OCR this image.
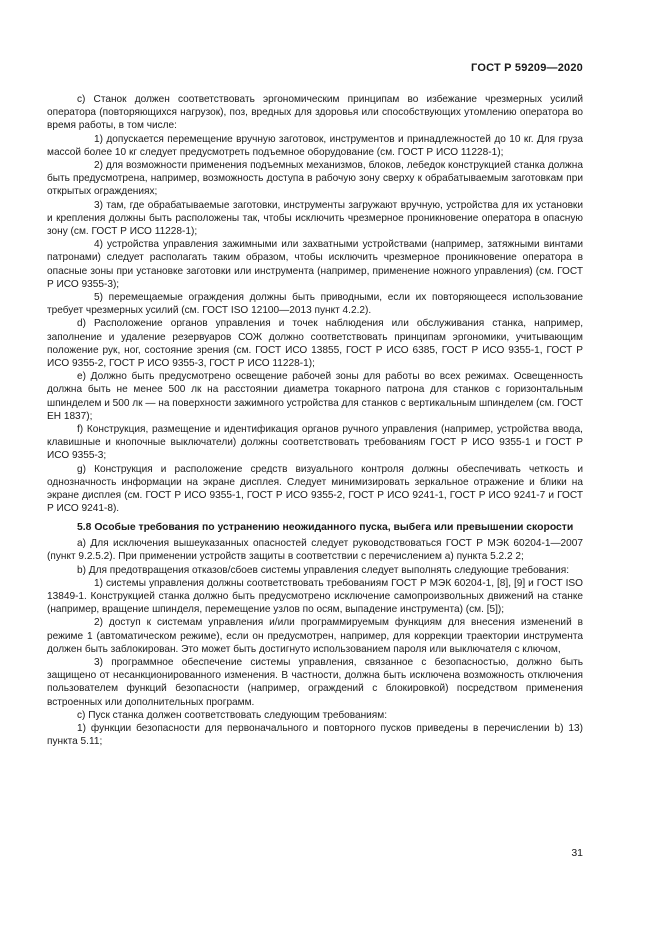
ГОСТ Р 59209—2020

c) Станок должен соответствовать эргономическим принципам во избежание чрезмерных усилий оператора (повторяющихся нагрузок), поз, вредных для здоровья или способствующих утомлению оператора во время работы, в том числе:

1) допускается перемещение вручную заготовок, инструментов и принадлежностей до 10 кг. Для груза массой более 10 кг следует предусмотреть подъемное оборудование (см. ГОСТ Р ИСО 11228-1);

2) для возможности применения подъемных механизмов, блоков, лебедок конструкцией станка должна быть предусмотрена, например, возможность доступа в рабочую зону сверху к обрабатываемым заготовкам при открытых ограждениях;

3) там, где обрабатываемые заготовки, инструменты загружают вручную, устройства для их установки и крепления должны быть расположены так, чтобы исключить чрезмерное проникновение оператора в опасную зону (см. ГОСТ Р ИСО 11228-1);

4) устройства управления зажимными или захватными устройствами (например, затяжными винтами патронами) следует располагать таким образом, чтобы исключить чрезмерное проникновение оператора в опасные зоны при установке заготовки или инструмента (например, применение ножного управления) (см. ГОСТ Р ИСО 9355-3);

5) перемещаемые ограждения должны быть приводными, если их повторяющееся использование требует чрезмерных усилий (см. ГОСТ ISO 12100—2013 пункт 4.2.2).

d) Расположение органов управления и точек наблюдения или обслуживания станка, например, заполнение и удаление резервуаров СОЖ должно соответствовать принципам эргономики, учитывающим положение рук, ног, состояние зрения (см. ГОСТ ИСО 13855, ГОСТ Р ИСО 6385, ГОСТ Р ИСО 9355-1, ГОСТ Р ИСО 9355-2, ГОСТ Р ИСО 9355-3, ГОСТ Р ИСО 11228-1);

e) Должно быть предусмотрено освещение рабочей зоны для работы во всех режимах. Освещенность должна быть не менее 500 лк на расстоянии диаметра токарного патрона для станков с горизонтальным шпинделем и 500 лк — на поверхности зажимного устройства для станков с вертикальным шпинделем (см. ГОСТ ЕН 1837);

f) Конструкция, размещение и идентификация органов ручного управления (например, устройства ввода, клавишные и кнопочные выключатели) должны соответствовать требованиям ГОСТ Р ИСО 9355-1 и ГОСТ Р ИСО 9355-3;

g) Конструкция и расположение средств визуального контроля должны обеспечивать четкость и однозначность информации на экране дисплея. Следует минимизировать зеркальное отражение и блики на экране дисплея (см. ГОСТ Р ИСО 9355-1, ГОСТ Р ИСО 9355-2, ГОСТ Р ИСО 9241-1, ГОСТ Р ИСО 9241-7 и ГОСТ Р ИСО 9241-8).

5.8 Особые требования по устранению неожиданного пуска, выбега или превышении скорости

a) Для исключения вышеуказанных опасностей следует руководствоваться ГОСТ Р МЭК 60204-1—2007 (пункт 9.2.5.2). При применении устройств защиты в соответствии с перечислением a) пункта 5.2.2 2;

b) Для предотвращения отказов/сбоев системы управления следует выполнять следующие требования:

1) системы управления должны соответствовать требованиям ГОСТ Р МЭК 60204-1, [8], [9] и ГОСТ ISO 13849-1. Конструкцией станка должно быть предусмотрено исключение самопроизвольных движений на станке (например, вращение шпинделя, перемещение узлов по осям, выпадение инструмента) (см. [5]);

2) доступ к системам управления и/или программируемым функциям для внесения изменений в режиме 1 (автоматическом режиме), если он предусмотрен, например, для коррекции траектории инструмента должен быть заблокирован. Это может быть достигнуто использованием пароля или выключателя с ключом,

3) программное обеспечение системы управления, связанное с безопасностью, должно быть защищено от несанкционированного изменения. В частности, должна быть исключена возможность отключения пользователем функций безопасности (например, ограждений с блокировкой) посредством применения встроенных или дополнительных программ.

c) Пуск станка должен соответствовать следующим требованиям:

1) функции безопасности для первоначального и повторного пусков приведены в перечислении b) 13) пункта 5.11;

31
